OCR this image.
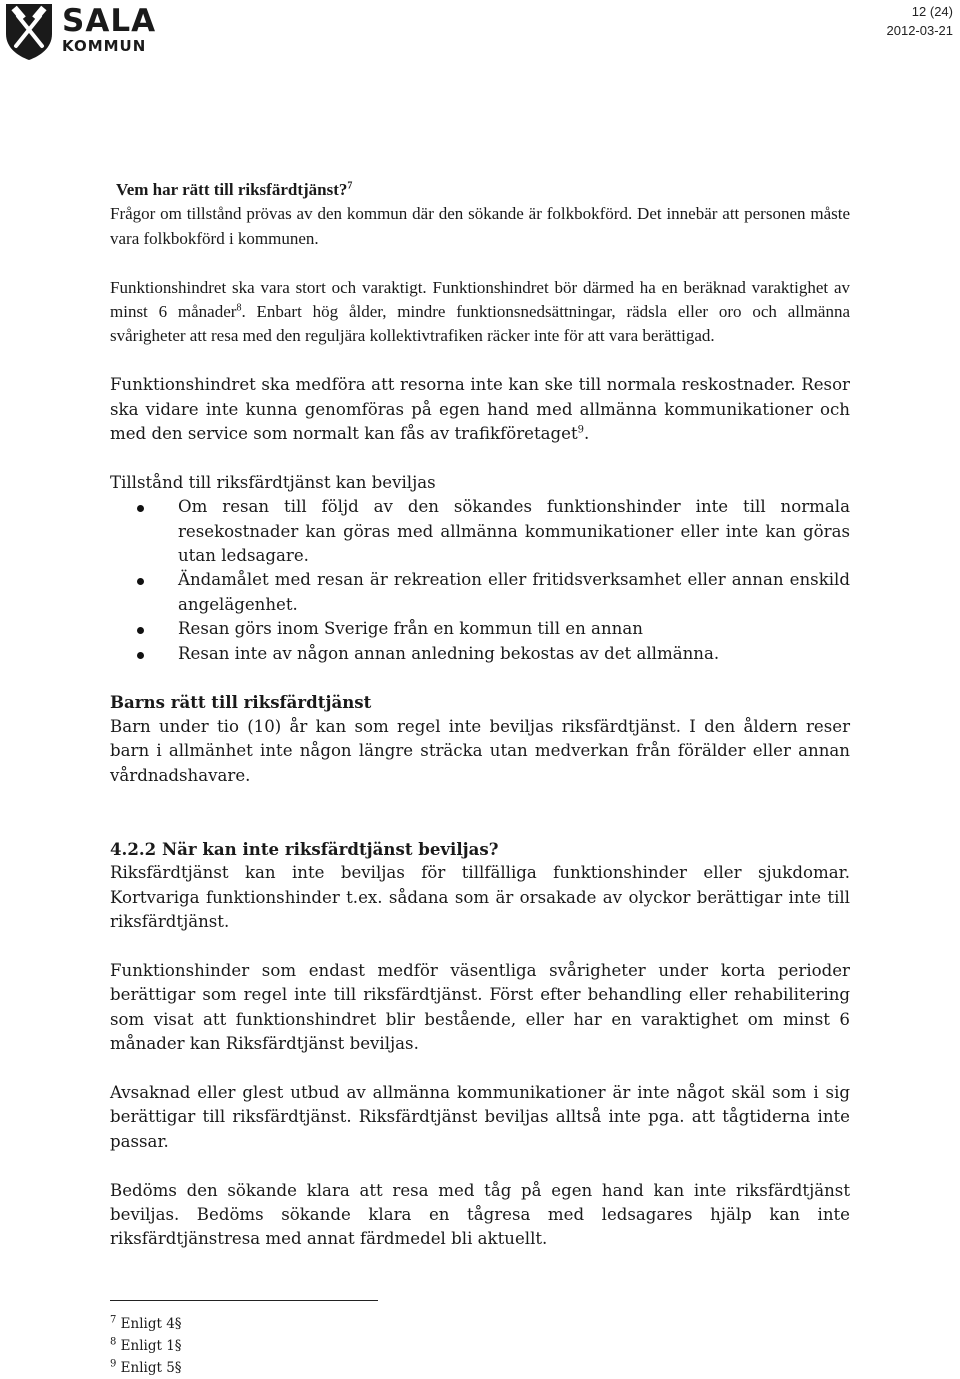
SALA
KOMMUN
12 (24)
2012-03-21

Vem har rätt till riksfärdtjänst?$^7$

Frågor om tillstånd prövas av den kommun där den sökande är folkbokförd. Det innebär att personen måste vara folkbokförd i kommunen.

Funktionshindret ska vara stort och varaktigt. Funktionshindret bör därmed ha en beräknad varaktighet av minst 6 månader$^8$. Enbart hög ålder, mindre funktionsnedsättningar, rädsla eller oro och allmänna svårigheter att resa med den reguljära kollektivtrafiken räcker inte för att vara berättigad.

Funktionshindret ska medföra att resorna inte kan ske till normala reskostnader. Resor ska vidare inte kunna genomföras på egen hand med allmänna kommunikationer och med den service som normalt kan fås av trafikföretaget$^9$.

Tillstånd till riksfärdtjänst kan beviljas

Om resan till följd av den sökandes funktionshinder inte till normala resekostnader kan göras med allmänna kommunikationer eller inte kan göras utan ledsagare.
Ändamålet med resan är rekreation eller fritidsverksamhet eller annan enskild angelägenhet.
Resan görs inom Sverige från en kommun till en annan
Resan inte av någon annan anledning bekostas av det allmänna.

Barns rätt till riksfärdtjänst

Barn under tio (10) år kan som regel inte beviljas riksfärdtjänst. I den åldern reser barn i allmänhet inte någon längre sträcka utan medverkan från förälder eller annan vårdnadshavare.

4.2.2 När kan inte riksfärdtjänst beviljas?

Riksfärdtjänst kan inte beviljas för tillfälliga funktionshinder eller sjukdomar. Kortvariga funktionshinder t.ex. sådana som är orsakade av olyckor berättigar inte till riksfärdtjänst.

Funktionshinder som endast medför väsentliga svårigheter under korta perioder berättigar som regel inte till riksfärdtjänst. Först efter behandling eller rehabilitering som visat att funktionshindret blir bestående, eller har en varaktighet om minst 6 månader kan Riksfärdtjänst beviljas.

Avsaknad eller glest utbud av allmänna kommunikationer är inte något skäl som i sig berättigar till riksfärdtjänst. Riksfärdtjänst beviljas alltså inte pga. att tågtiderna inte passar.

Bedöms den sökande klara att resa med tåg på egen hand kan inte riksfärdtjänst beviljas. Bedöms sökande klara en tågresa med ledsagares hjälp kan inte riksfärdtjänstresa med annat färdmedel bli aktuellt.

$^7$ Enligt 4§
$^8$ Enligt 1§
$^9$ Enligt 5§
